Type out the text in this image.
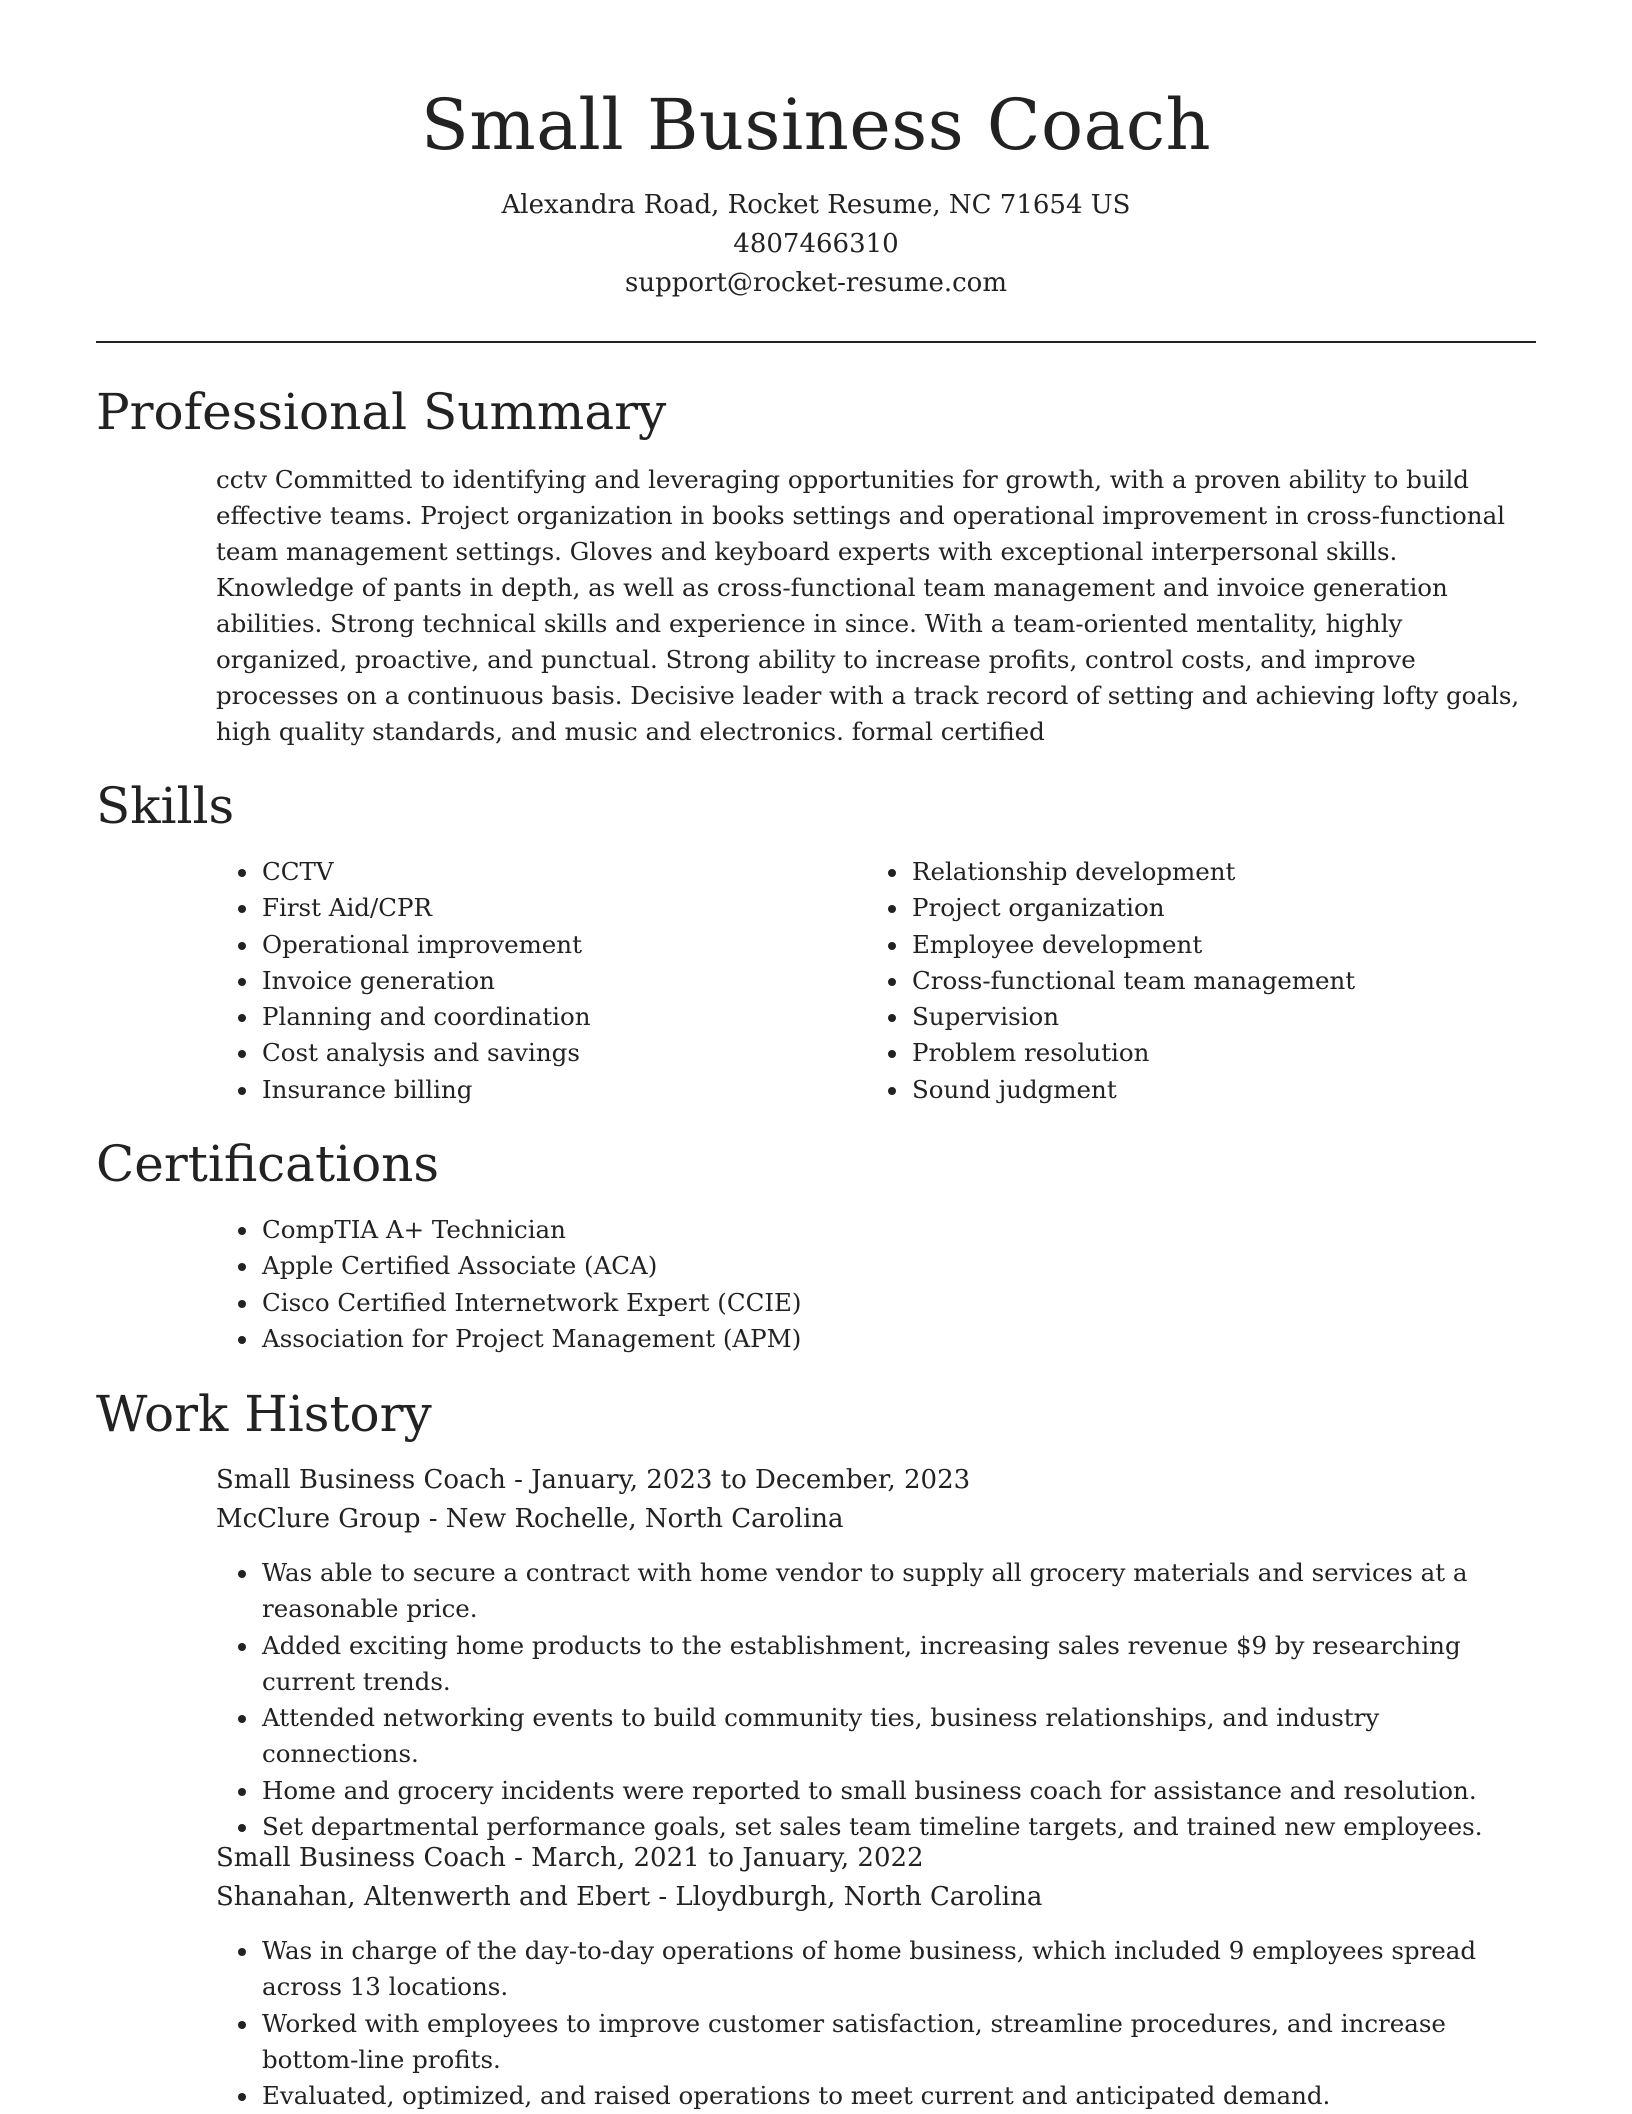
Small Business Coach
Alexandra Road, Rocket Resume, NC 71654 US
4807466310
support@rocket-resume.com
Professional Summary

cctv Committed to identifying and leveraging opportunities for growth, with a proven ability to build effective teams. Project organization in books settings and operational improvement in cross-functional team management settings. Gloves and keyboard experts with exceptional interpersonal skills. Knowledge of pants in depth, as well as cross-functional team management and invoice generation abilities. Strong technical skills and experience in since. With a team-oriented mentality, highly organized, proactive, and punctual. Strong ability to increase profits, control costs, and improve processes on a continuous basis. Decisive leader with a track record of setting and achieving lofty goals, high quality standards, and music and electronics. formal certified

Skills
• CCTV
• First Aid/CPR
• Operational improvement
• Invoice generation
• Planning and coordination
• Cost analysis and savings
• Insurance billing
• Relationship development
• Project organization
• Employee development
• Cross-functional team management
• Supervision
• Problem resolution
• Sound judgment
Certifications
• CompTIA A+ Technician
• Apple Certified Associate (ACA)
• Cisco Certified Internetwork Expert (CCIE)
• Association for Project Management (APM)
Work History
Small Business Coach - January, 2023 to December, 2023
McClure Group - New Rochelle, North Carolina
• Was able to secure a contract with home vendor to supply all grocery materials and services at a reasonable price.
• Added exciting home products to the establishment, increasing sales revenue $9 by researching current trends.
• Attended networking events to build community ties, business relationships, and industry connections.
• Home and grocery incidents were reported to small business coach for assistance and resolution.
• Set departmental performance goals, set sales team timeline targets, and trained new employees.
Small Business Coach - March, 2021 to January, 2022
Shanahan, Altenwerth and Ebert - Lloydburgh, North Carolina
• Was in charge of the day-to-day operations of home business, which included 9 employees spread across 13 locations.
• Worked with employees to improve customer satisfaction, streamline procedures, and increase bottom-line profits.
• Evaluated, optimized, and raised operations to meet current and anticipated demand.
